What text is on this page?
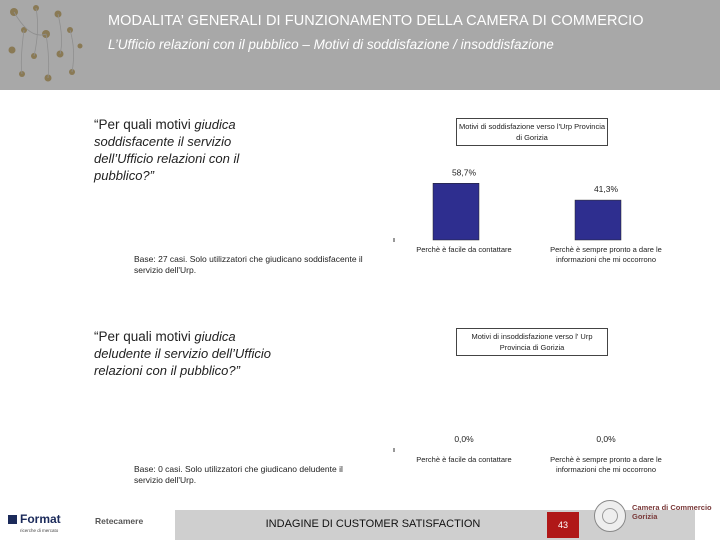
MODALITA’ GENERALI DI FUNZIONAMENTO DELLA CAMERA DI COMMERCIO
L’Ufficio relazioni con il pubblico – Motivi di soddisfazione / insoddisfazione
“Per quali motivi giudica soddisfacente il servizio dell’Ufficio relazioni con il pubblico?”
Base: 27 casi. Solo utilizzatori che giudicano soddisfacente il servizio dell'Urp.
“Per quali motivi giudica deludente il servizio dell’Ufficio relazioni con il pubblico?”
Base: 0 casi. Solo utilizzatori che giudicano deludente il servizio dell'Urp.
Motivi di soddisfazione verso l'Urp Provincia di Gorizia
Motivi di insoddisfazione verso l' Urp Provincia di Gorizia
58,7%
Perchè è facile da contattare
41,3%
Perchè è sempre pronto a dare le informazioni che mi occorrono
0,0%
Perchè è facile da contattare
0,0%
Perchè è sempre pronto a dare le informazioni che mi occorrono
Format
ricerche di mercato
Retecamere	INDAGINE DI CUSTOMER SATISFACTION	43
Camera di Commercio
Gorizia
